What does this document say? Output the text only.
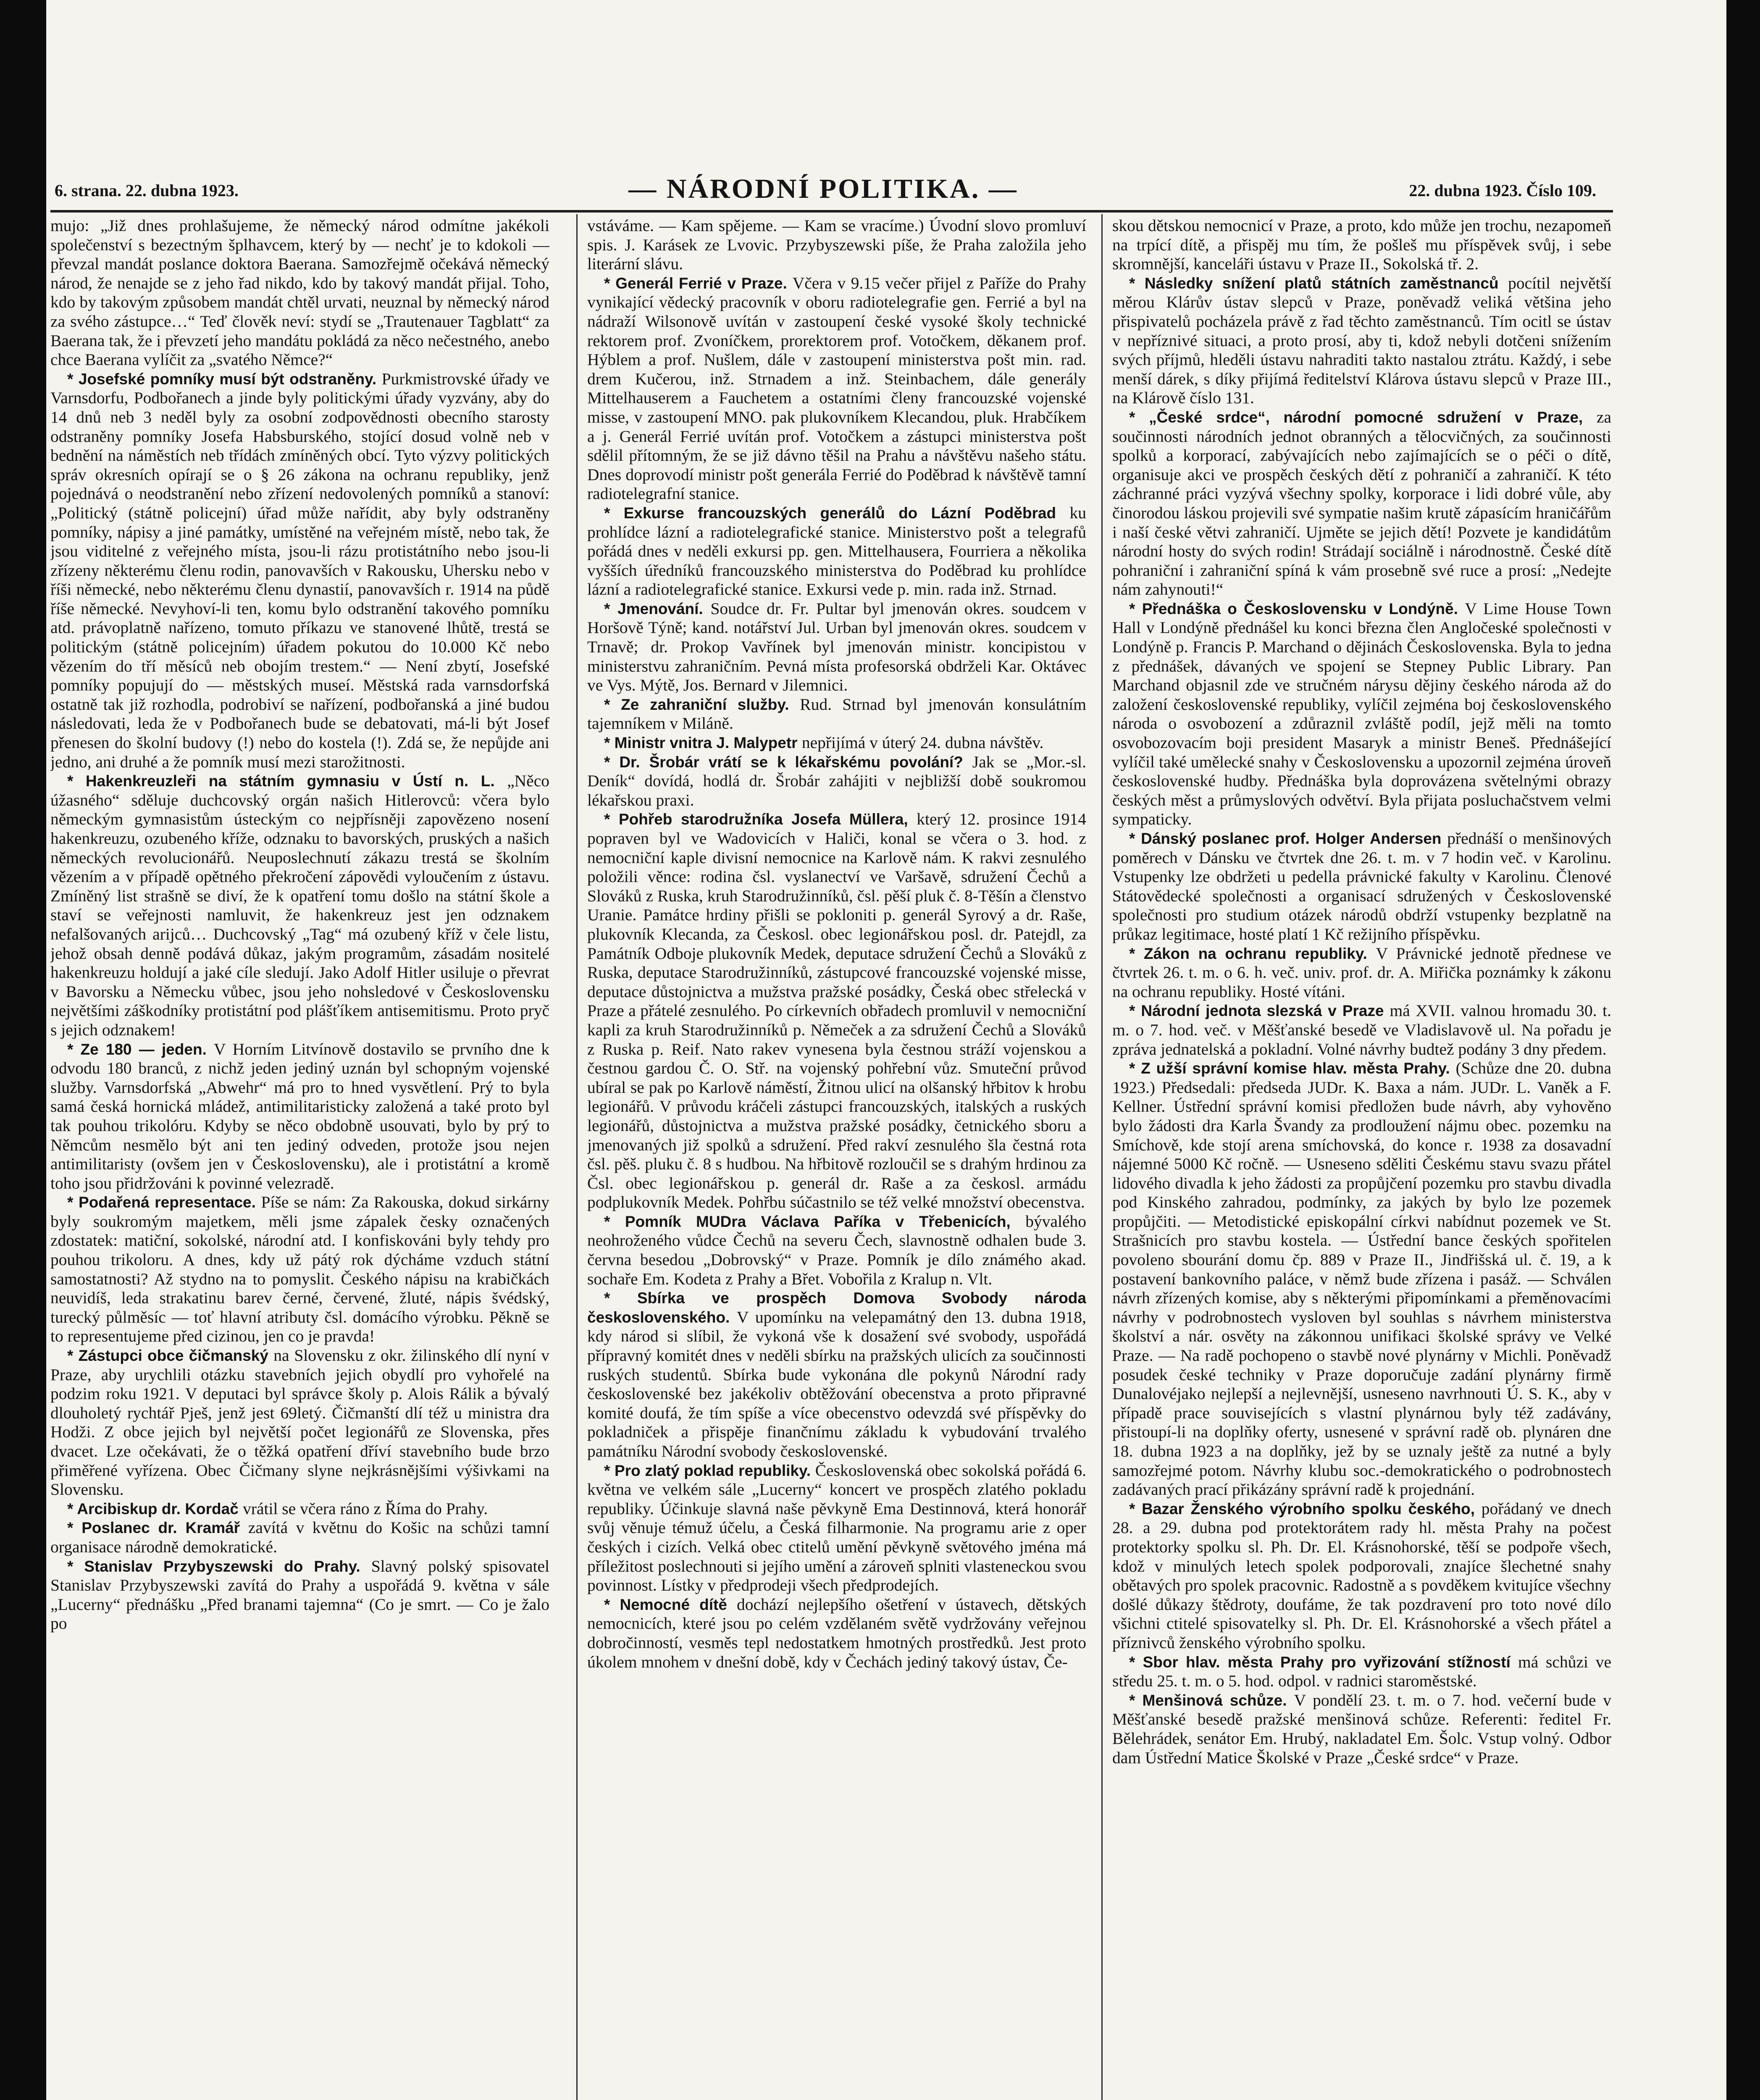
6. strana. 22. dubna 1923.	— NÁRODNÍ POLITIKA. —	22. dubna 1923. Číslo 109.

mujo: „Již dnes prohlašujeme, že německý národ odmítne jakékoli společenství s bezectným šplhavcem, který by — nechť je to kdokoli — převzal mandát poslance doktora Baerana. Samozřejmě očekává německý národ, že nenajde se z jeho řad nikdo, kdo by takový mandát přijal. Toho, kdo by takovým způsobem mandát chtěl urvati, neuznal by německý národ za svého zástupce…“ Teď člověk neví: stydí se „Trautenauer Tagblatt“ za Baerana tak, že i převzetí jeho mandátu pokládá za něco nečestného, anebo chce Baerana vylíčit za „svatého Němce?“

* Josefské pomníky musí být odstraněny. Purkmistrovské úřady ve Varnsdorfu, Podbořanech a jinde byly politickými úřady vyzvány, aby do 14 dnů neb 3 neděl byly za osobní zodpovědnosti obecního starosty odstraněny pomníky Josefa Habsburského, stojící dosud volně neb v bednění na náměstích neb třídách zmíněných obcí. Tyto výzvy politických správ okresních opírají se o § 26 zákona na ochranu republiky, jenž pojednává o neodstranění nebo zřízení nedovolených pomníků a stanoví: „Politický (státně policejní) úřad může nařídit, aby byly odstraněny pomníky, nápisy a jiné památky, umístěné na veřejném místě, nebo tak, že jsou viditelné z veřejného místa, jsou-li rázu protistátního nebo jsou-li zřízeny některému členu rodin, panovavších v Rakousku, Uhersku nebo v říši německé, nebo některému členu dynastií, panovavších r. 1914 na půdě říše německé. Nevyhoví-li ten, komu bylo odstranění takového pomníku atd. právoplatně nařízeno, tomuto příkazu ve stanovené lhůtě, trestá se politickým (státně policejním) úřadem pokutou do 10.000 Kč nebo vězením do tří měsíců neb obojím trestem.“ — Není zbytí, Josefské pomníky popujují do — městských museí. Městská rada varnsdorfská ostatně tak již rozhodla, podrobiví se nařízení, podbořanská a jiné budou následovati, leda že v Podbořanech bude se debatovati, má-li být Josef přenesen do školní budovy (!) nebo do kostela (!). Zdá se, že nepůjde ani jedno, ani druhé a že pomník musí mezi starožitnosti.

* Hakenkreuzleři na státním gymnasiu v Ústí n. L. „Něco úžasného“ sděluje duchcovský orgán našich Hitlerovců: včera bylo německým gymnasistům ústeckým co nejpřísněji zapovězeno nosení hakenkreuzu, ozubeného kříže, odznaku to bavorských, pruských a našich německých revolucionářů. Neuposlechnutí zákazu trestá se školním vězením a v případě opětného překročení zápovědi vyloučením z ústavu. Zmíněný list strašně se diví, že k opatření tomu došlo na státní škole a staví se veřejnosti namluvit, že hakenkreuz jest jen odznakem nefalšovaných arijců… Duchcovský „Tag“ má ozubený kříž v čele listu, jehož obsah denně podává důkaz, jakým programům, zásadám nositelé hakenkreuzu holdují a jaké cíle sledují. Jako Adolf Hitler usiluje o převrat v Bavorsku a Německu vůbec, jsou jeho nohsledové v Československu největšími záškodníky protistátní pod plášťíkem antisemitismu. Proto pryč s jejich odznakem!

* Ze 180 — jeden. V Horním Litvínově dostavilo se prvního dne k odvodu 180 branců, z nichž jeden jediný uznán byl schopným vojenské služby. Varnsdorfská „Abwehr“ má pro to hned vysvětlení. Prý to byla samá česká hornická mládež, antimilitaristicky založená a také proto byl tak pouhou trikolóru. Kdyby se něco obdobně usouvati, bylo by prý to Němcům nesmělo být ani ten jediný odveden, protože jsou nejen antimilitaristy (ovšem jen v Československu), ale i protistátní a kromě toho jsou přidržováni k povinné velezradě.

* Podařená representace. Píše se nám: Za Rakouska, dokud sirkárny byly soukromým majetkem, měli jsme zápalek česky označených zdostatek: matiční, sokolské, národní atd. I konfiskováni byly tehdy pro pouhou trikoloru. A dnes, kdy už pátý rok dýcháme vzduch státní samostatnosti? Až stydno na to pomyslit. Českého nápisu na krabičkách neuvidíš, leda strakatinu barev černé, červené, žluté, nápis švédský, turecký půlměsíc — toť hlavní atributy čsl. domácího výrobku. Pěkně se to representujeme před cizinou, jen co je pravda!

* Zástupci obce čičmanský na Slovensku z okr. žilinského dlí nyní v Praze, aby urychlili otázku stavebních jejich obydlí pro vyhořelé na podzim roku 1921. V deputaci byl správce školy p. Alois Rálik a bývalý dlouholetý rychtář Pješ, jenž jest 69letý. Čičmanští dlí též u ministra dra Hodži. Z obce jejich byl největší počet legionářů ze Slovenska, přes dvacet. Lze očekávati, že o těžká opatření dříví stavebního bude brzo přiměřené vyřízena. Obec Čičmany slyne nejkrásnějšími výšivkami na Slovensku.

* Arcibiskup dr. Kordač vrátil se včera ráno z Říma do Prahy.

* Poslanec dr. Kramář zavítá v květnu do Košic na schůzi tamní organisace národně demokratické.

* Stanislav Przybyszewski do Prahy. Slavný polský spisovatel Stanislav Przybyszewski zavítá do Prahy a uspořádá 9. května v sále „Lucerny“ přednášku „Před branami tajemna“ (Co je smrt. — Co je žalo po

vstáváme. — Kam spějeme. — Kam se vracíme.) Úvodní slovo promluví spis. J. Karásek ze Lvovic. Przybyszewski píše, že Praha založila jeho literární slávu.

* Generál Ferrié v Praze. Včera v 9.15 večer přijel z Paříže do Prahy vynikající vědecký pracovník v oboru radiotelegrafie gen. Ferrié a byl na nádraží Wilsonově uvítán v zastoupení české vysoké školy technické rektorem prof. Zvoníčkem, prorektorem prof. Votočkem, děkanem prof. Hýblem a prof. Nušlem, dále v zastoupení ministerstva pošt min. rad. drem Kučerou, inž. Strnadem a inž. Steinbachem, dále generály Mittelhauserem a Fauchetem a ostatními členy francouzské vojenské misse, v zastoupení MNO. pak plukovníkem Klecandou, pluk. Hrabčíkem a j. Generál Ferrié uvítán prof. Votočkem a zástupci ministerstva pošt sdělil přítomným, že se již dávno těšil na Prahu a návštěvu našeho státu. Dnes doprovodí ministr pošt generála Ferrié do Poděbrad k návštěvě tamní radiotelegrafní stanice.

* Exkurse francouzských generálů do Lázní Poděbrad ku prohlídce lázní a radiotelegrafické stanice. Ministerstvo pošt a telegrafů pořádá dnes v neděli exkursi pp. gen. Mittelhausera, Fourriera a několika vyšších úředníků francouzského ministerstva do Poděbrad ku prohlídce lázní a radiotelegrafické stanice. Exkursi vede p. min. rada inž. Strnad.

* Jmenování. Soudce dr. Fr. Pultar byl jmenován okres. soudcem v Horšově Týně; kand. notářství Jul. Urban byl jmenován okres. soudcem v Trnavě; dr. Prokop Vavřínek byl jmenován ministr. koncipistou v ministerstvu zahraničním. Pevná místa profesorská obdrželi Kar. Oktávec ve Vys. Mýtě, Jos. Bernard v Jilemnici.

* Ze zahraniční služby. Rud. Strnad byl jmenován konsulátním tajemníkem v Miláně.

* Ministr vnitra J. Malypetr nepřijímá v úterý 24. dubna návštěv.

* Dr. Šrobár vrátí se k lékařskému povolání? Jak se „Mor.-sl. Deník“ dovídá, hodlá dr. Šrobár zahájiti v nejbližší době soukromou lékařskou praxi.

* Pohřeb starodružníka Josefa Müllera, který 12. prosince 1914 popraven byl ve Wadovicích v Haliči, konal se včera o 3. hod. z nemocniční kaple divisní nemocnice na Karlově nám. K rakvi zesnulého položili věnce: rodina čsl. vyslanectví ve Varšavě, sdružení Čechů a Slováků z Ruska, kruh Starodružinníků, čsl. pěší pluk č. 8-Těšín a členstvo Uranie. Památce hrdiny přišli se pokloniti p. generál Syrový a dr. Raše, plukovník Klecanda, za Českosl. obec legionářskou posl. dr. Patejdl, za Památník Odboje plukovník Medek, deputace sdružení Čechů a Slováků z Ruska, deputace Starodružinníků, zástupcové francouzské vojenské misse, deputace důstojnictva a mužstva pražské posádky, Česká obec střelecká v Praze a přátelé zesnulého. Po církevních obřadech promluvil v nemocniční kapli za kruh Starodružinníků p. Němeček a za sdružení Čechů a Slováků z Ruska p. Reif. Nato rakev vynesena byla čestnou stráží vojenskou a čestnou gardou Č. O. Stř. na vojenský pohřební vůz. Smuteční průvod ubíral se pak po Karlově náměstí, Žitnou ulicí na olšanský hřbitov k hrobu legionářů. V průvodu kráčeli zástupci francouzských, italských a ruských legionářů, důstojnictva a mužstva pražské posádky, četnického sboru a jmenovaných již spolků a sdružení. Před rakví zesnulého šla čestná rota čsl. pěš. pluku č. 8 s hudbou. Na hřbitově rozloučil se s drahým hrdinou za Čsl. obec legionářskou p. generál dr. Raše a za českosl. armádu podplukovník Medek. Pohřbu súčastnilo se též velké množství obecenstva.

* Pomník MUDra Václava Paříka v Třebenicích, bývalého neohroženého vůdce Čechů na severu Čech, slavnostně odhalen bude 3. června besedou „Dobrovský“ v Praze. Pomník je dílo známého akad. sochaře Em. Kodeta z Prahy a Břet. Vobořila z Kralup n. Vlt.

* Sbírka ve prospěch Domova Svobody národa československého. V upomínku na velepamátný den 13. dubna 1918, kdy národ si slíbil, že vykoná vše k dosažení své svobody, uspořádá přípravný komitét dnes v neděli sbírku na pražských ulicích za součinnosti ruských studentů. Sbírka bude vykonána dle pokynů Národní rady československé bez jakékoliv obtěžování obecenstva a proto připravné komité doufá, že tím spíše a více obecenstvo odevzdá své příspěvky do pokladniček a přispěje finančnímu základu k vybudování trvalého památníku Národní svobody československé.

* Pro zlatý poklad republiky. Československá obec sokolská pořádá 6. května ve velkém sále „Lucerny“ koncert ve prospěch zlatého pokladu republiky. Účinkuje slavná naše pěvkyně Ema Destinnová, která honorář svůj věnuje témuž účelu, a Česká filharmonie. Na programu arie z oper českých i cizích. Velká obec ctitelů umění pěvkyně světového jména má příležitost poslechnouti si jejího umění a zároveň splniti vlasteneckou svou povinnost. Lístky v předprodeji všech předprodejích.

* Nemocné dítě dochází nejlepšího ošetření v ústavech, dětských nemocnicích, které jsou po celém vzdělaném světě vydržovány veřejnou dobročinností, vesměs tepl nedostatkem hmotných prostředků. Jest proto úkolem mnohem v dnešní době, kdy v Čechách jediný takový ústav, Če-

skou dětskou nemocnicí v Praze, a proto, kdo může jen trochu, nezapomeň na trpící dítě, a přispěj mu tím, že pošleš mu příspěvek svůj, i sebe skromnější, kanceláři ústavu v Praze II., Sokolská tř. 2.

* Následky snížení platů státních zaměstnanců pocítil největší měrou Klárův ústav slepců v Praze, poněvadž veliká většina jeho přispivatelů pocházela právě z řad těchto zaměstnanců. Tím ocitl se ústav v nepříznivé situaci, a proto prosí, aby ti, kdož nebyli dotčeni snížením svých příjmů, hleděli ústavu nahraditi takto nastalou ztrátu. Každý, i sebe menší dárek, s díky přijímá ředitelství Klárova ústavu slepců v Praze III., na Klárově číslo 131.

* „České srdce“, národní pomocné sdružení v Praze, za součinnosti národních jednot obranných a tělocvičných, za součinnosti spolků a korporací, zabývajících nebo zajímajících se o péči o dítě, organisuje akci ve prospěch českých dětí z pohraničí a zahraničí. K této záchranné práci vyzývá všechny spolky, korporace i lidi dobré vůle, aby činorodou láskou projevili své sympatie našim krutě zápasícím hraničářům i naší české větvi zahraničí. Ujměte se jejich dětí! Pozvete je kandidátům národní hosty do svých rodin! Strádají sociálně i národnostně. České dítě pohraniční i zahraniční spíná k vám prosebně své ruce a prosí: „Nedejte nám zahynouti!“

* Přednáška o Československu v Londýně. V Lime House Town Hall v Londýně přednášel ku konci března člen Angločeské společnosti v Londýně p. Francis P. Marchand o dějinách Československa. Byla to jedna z přednášek, dávaných ve spojení se Stepney Public Library. Pan Marchand objasnil zde ve stručném nárysu dějiny českého národa až do založení československé republiky, vylíčil zejména boj československého národa o osvobození a zdůraznil zvláště podíl, jejž měli na tomto osvobozovacím boji president Masaryk a ministr Beneš. Přednášející vylíčil také umělecké snahy v Československu a upozornil zejména úroveň československé hudby. Přednáška byla doprovázena světelnými obrazy českých měst a průmyslových odvětví. Byla přijata posluchačstvem velmi sympaticky.

* Dánský poslanec prof. Holger Andersen přednáší o menšinových poměrech v Dánsku ve čtvrtek dne 26. t. m. v 7 hodin več. v Karolinu. Vstupenky lze obdržeti u pedella právnické fakulty v Karolinu. Členové Státovědecké společnosti a organisací sdružených v Československé společnosti pro studium otázek národů obdrží vstupenky bezplatně na průkaz legitimace, hosté platí 1 Kč režijního příspěvku.

* Zákon na ochranu republiky. V Právnické jednotě přednese ve čtvrtek 26. t. m. o 6. h. več. univ. prof. dr. A. Miřička poznámky k zákonu na ochranu republiky. Hosté vítáni.

* Národní jednota slezská v Praze má XVII. valnou hromadu 30. t. m. o 7. hod. več. v Měšťanské besedě ve Vladislavově ul. Na pořadu je zpráva jednatelská a pokladní. Volné návrhy budtež podány 3 dny předem.

* Z užší správní komise hlav. města Prahy. (Schůze dne 20. dubna 1923.) Předsedali: předseda JUDr. K. Baxa a nám. JUDr. L. Vaněk a F. Kellner. Ústřední správní komisi předložen bude návrh, aby vyhověno bylo žádosti dra Karla Švandy za prodloužení nájmu obec. pozemku na Smíchově, kde stojí arena smíchovská, do konce r. 1938 za dosavadní nájemné 5000 Kč ročně. — Usneseno sděliti Českému stavu svazu přátel lidového divadla k jeho žádosti za propůjčení pozemku pro stavbu divadla pod Kinského zahradou, podmínky, za jakých by bylo lze pozemek propůjčiti. — Metodistické episkopální církvi nabídnut pozemek ve St. Strašnicích pro stavbu kostela. — Ústřední bance českých spořitelen povoleno sbourání domu čp. 889 v Praze II., Jindřišská ul. č. 19, a k postavení bankovního paláce, v němž bude zřízena i pasáž. — Schválen návrh zřízených komise, aby s některými připomínkami a přeměnovacími návrhy v podrobnostech vysloven byl souhlas s návrhem ministerstva školství a nár. osvěty na zákonnou unifikaci školské správy ve Velké Praze. — Na radě pochopeno o stavbě nové plynárny v Michli. Poněvadž posudek české techniky v Praze doporučuje zadání plynárny firmě Dunalovéjako nejlepší a nejlevnější, usneseno navrhnouti Ú. S. K., aby v případě prace souvisejících s vlastní plynárnou byly též zadávány, přistoupí-li na doplňky oferty, usnesené v správní radě ob. plynáren dne 18. dubna 1923 a na doplňky, jež by se uznaly ještě za nutné a byly samozřejmé potom. Návrhy klubu soc.-demokratického o podrobnostech zadávaných prací přikázány správní radě k projednání.

* Bazar Ženského výrobního spolku českého, pořádaný ve dnech 28. a 29. dubna pod protektorátem rady hl. města Prahy na počest protektorky spolku sl. Ph. Dr. El. Krásnohorské, těší se podpoře všech, kdož v minulých letech spolek podporovali, znajíce šlechetné snahy obětavých pro spolek pracovnic. Radostně a s povděkem kvitujíce všechny došlé důkazy štědroty, doufáme, že tak pozdravení pro toto nové dílo všichni ctitelé spisovatelky sl. Ph. Dr. El. Krásnohorské a všech přátel a příznivců ženského výrobního spolku.

* Sbor hlav. města Prahy pro vyřizování stížností má schůzi ve středu 25. t. m. o 5. hod. odpol. v radnici staroměstské.

* Menšinová schůze. V pondělí 23. t. m. o 7. hod. večerní bude v Měšťanské besedě pražské menšinová schůze. Referenti: ředitel Fr. Bělehrádek, senátor Em. Hrubý, nakladatel Em. Šolc. Vstup volný. Odbor dam Ústřední Matice Školské v Praze „České srdce“ v Praze.
